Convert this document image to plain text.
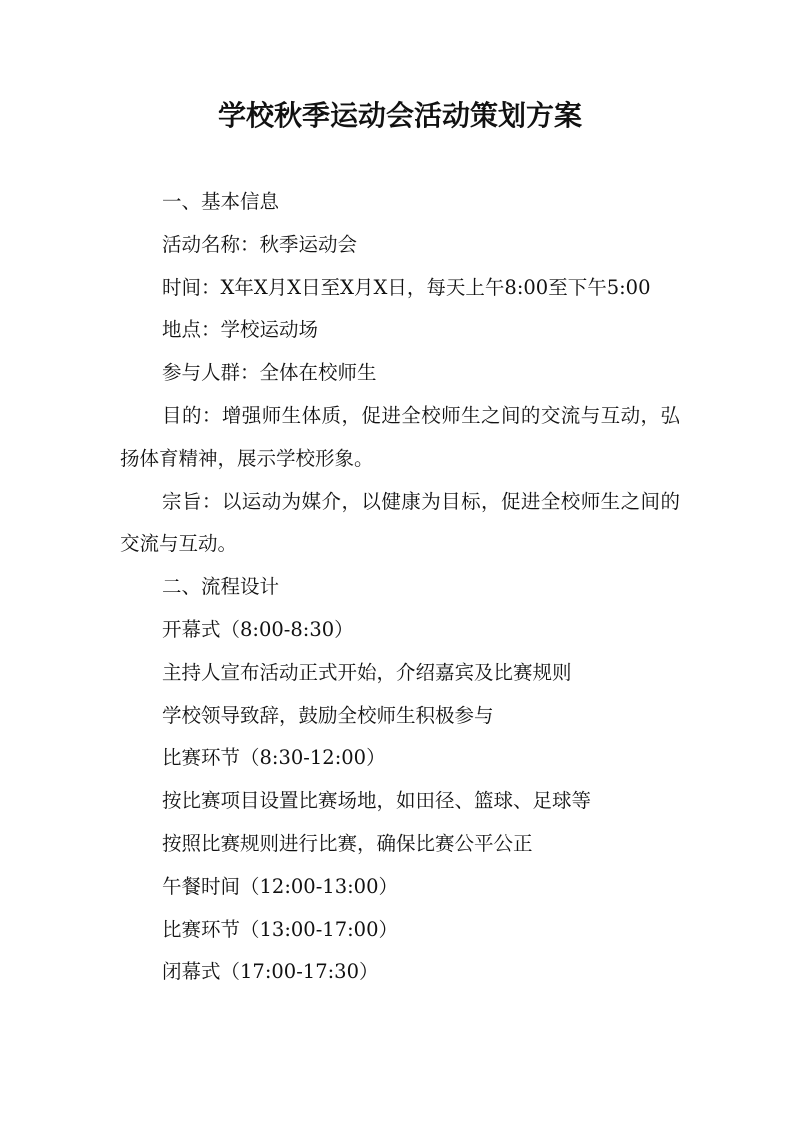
学校秋季运动会活动策划方案

一、基本信息

活动名称：秋季运动会

时间：X年X月X日至X月X日，每天上午8:00至下午5:00

地点：学校运动场

参与人群：全体在校师生

目的：增强师生体质，促进全校师生之间的交流与互动，弘扬体育精神，展示学校形象。

宗旨：以运动为媒介，以健康为目标，促进全校师生之间的交流与互动。

二、流程设计

开幕式（8:00-8:30）

主持人宣布活动正式开始，介绍嘉宾及比赛规则

学校领导致辞，鼓励全校师生积极参与

比赛环节（8:30-12:00）

按比赛项目设置比赛场地，如田径、篮球、足球等

按照比赛规则进行比赛，确保比赛公平公正

午餐时间（12:00-13:00）

比赛环节（13:00-17:00）

闭幕式（17:00-17:30）
